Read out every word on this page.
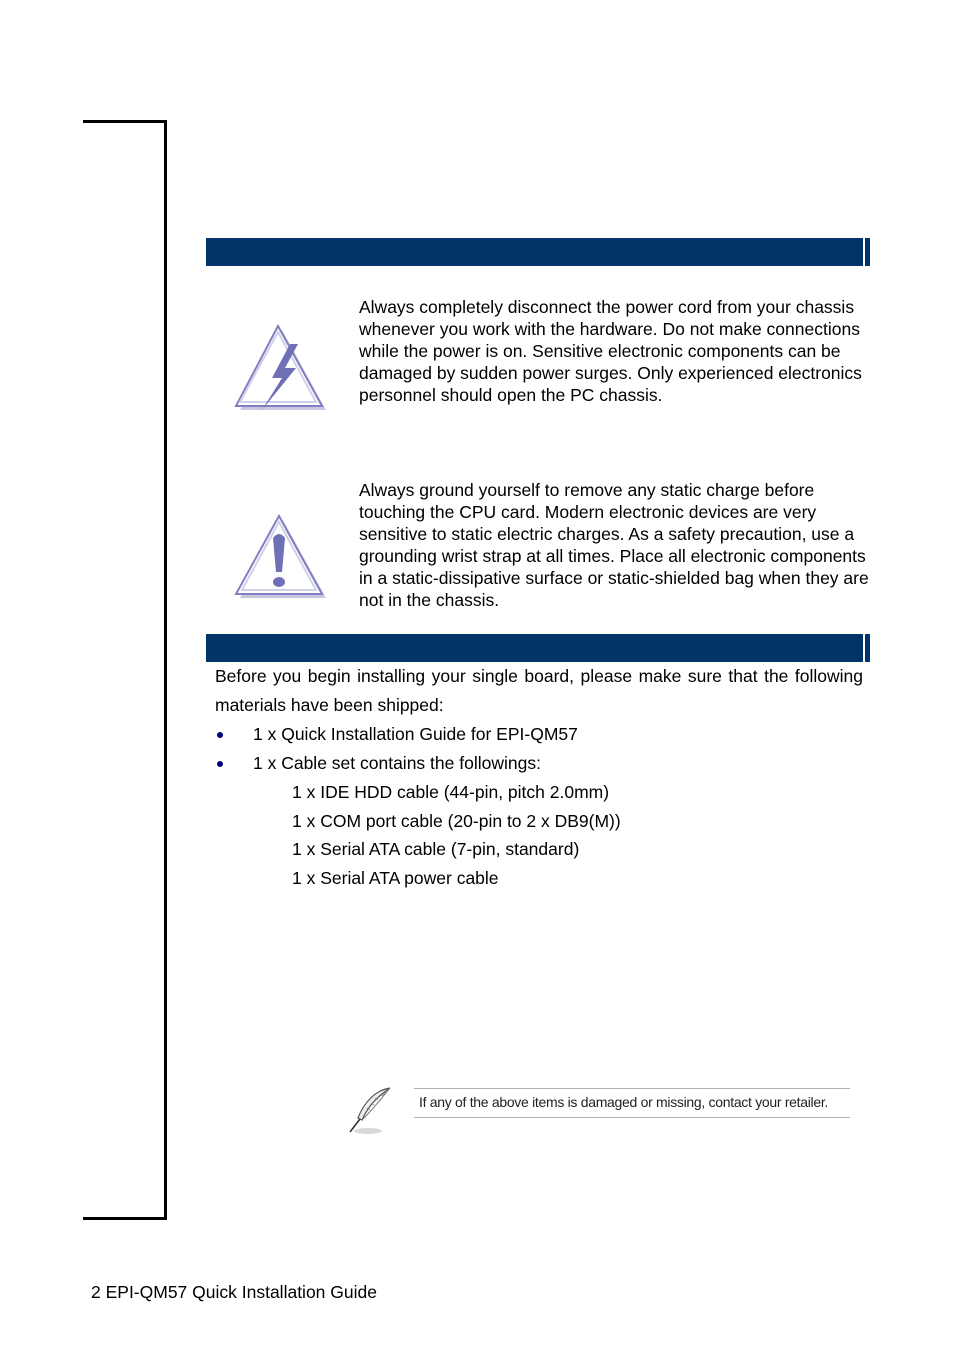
Always completely disconnect the power cord from your chassis whenever you work with the hardware. Do not make connections while the power is on. Sensitive electronic components can be damaged by sudden power surges. Only experienced electronics personnel should open the PC chassis.

Always ground yourself to remove any static charge before touching the CPU card. Modern electronic devices are very sensitive to static electric charges. As a safety precaution, use a grounding wrist strap at all times. Place all electronic components in a static-dissipative surface or static-shielded bag when they are not in the chassis.

Before you begin installing your single board, please make sure that the following materials have been shipped:

1 x Quick Installation Guide for EPI-QM57
1 x Cable set contains the followings:
1 x IDE HDD cable (44-pin, pitch 2.0mm)
1 x COM port cable (20-pin to 2 x DB9(M))
1 x Serial ATA cable (7-pin, standard)
1 x Serial ATA power cable
If any of the above items is damaged or missing, contact your retailer.
2 EPI-QM57 Quick Installation Guide
